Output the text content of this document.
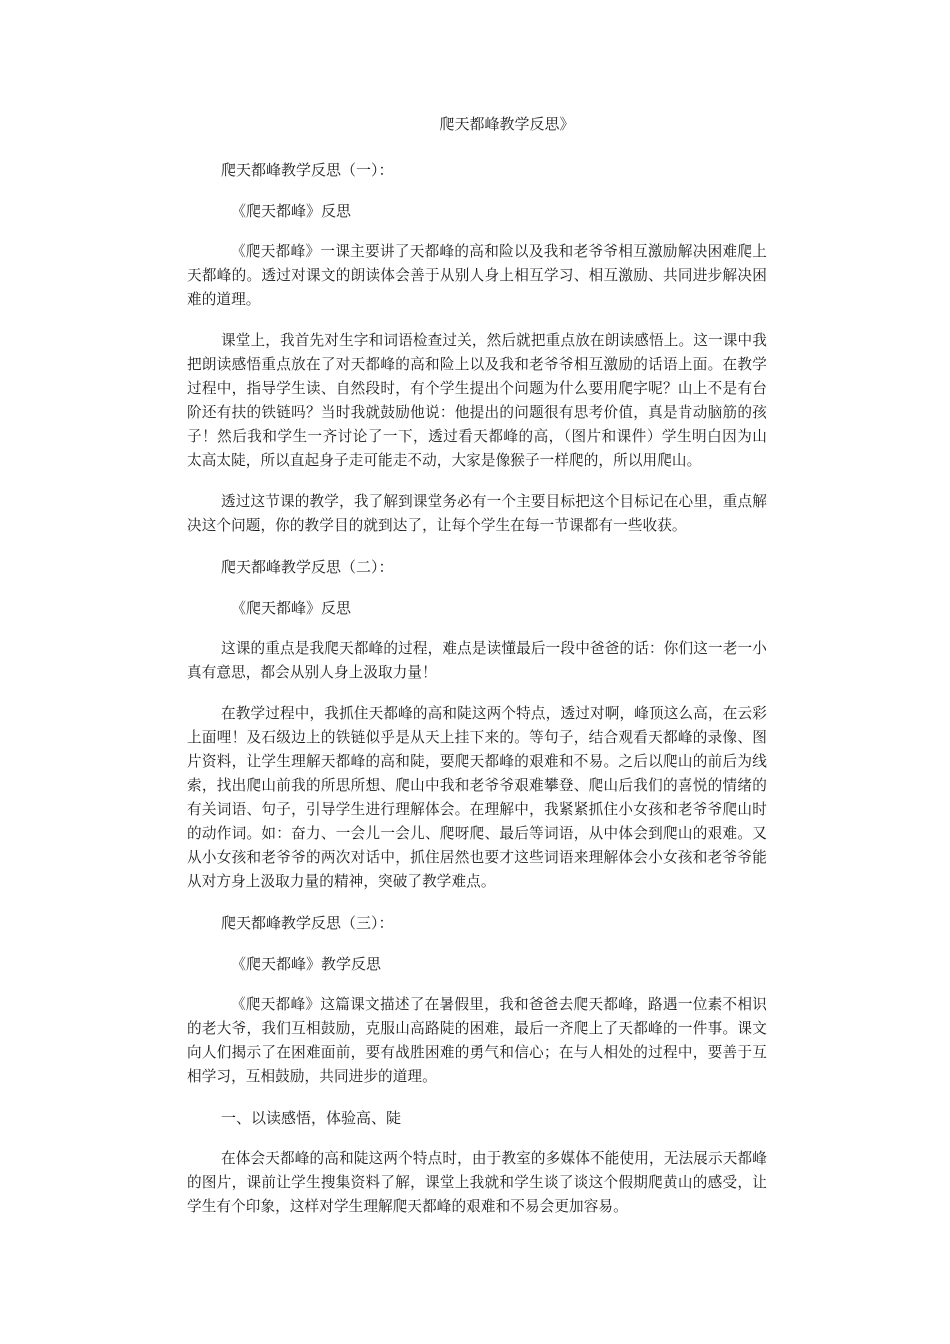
爬天都峰教学反思》
爬天都峰教学反思（一）：
《爬天都峰》反思

《爬天都峰》一课主要讲了天都峰的高和险以及我和老爷爷相互激励解决困难爬上天都峰的。透过对课文的朗读体会善于从别人身上相互学习、相互激励、共同进步解决困难的道理。

课堂上，我首先对生字和词语检查过关，然后就把重点放在朗读感悟上。这一课中我把朗读感悟重点放在了对天都峰的高和险上以及我和老爷爷相互激励的话语上面。在教学过程中，指导学生读、自然段时，有个学生提出个问题为什么要用爬字呢？山上不是有台阶还有扶的铁链吗？当时我就鼓励他说：他提出的问题很有思考价值，真是肯动脑筋的孩子！然后我和学生一齐讨论了一下，透过看天都峰的高，（图片和课件）学生明白因为山太高太陡，所以直起身子走可能走不动，大家是像猴子一样爬的，所以用爬山。

透过这节课的教学，我了解到课堂务必有一个主要目标把这个目标记在心里，重点解决这个问题，你的教学目的就到达了，让每个学生在每一节课都有一些收获。

爬天都峰教学反思（二）：
《爬天都峰》反思

这课的重点是我爬天都峰的过程，难点是读懂最后一段中爸爸的话：你们这一老一小真有意思，都会从别人身上汲取力量！

在教学过程中，我抓住天都峰的高和陡这两个特点，透过对啊，峰顶这么高，在云彩上面哩！及石级边上的铁链似乎是从天上挂下来的。等句子，结合观看天都峰的录像、图片资料，让学生理解天都峰的高和陡，要爬天都峰的艰难和不易。之后以爬山的前后为线索，找出爬山前我的所思所想、爬山中我和老爷爷艰难攀登、爬山后我们的喜悦的情绪的有关词语、句子，引导学生进行理解体会。在理解中，我紧紧抓住小女孩和老爷爷爬山时的动作词。如：奋力、一会儿一会儿、爬呀爬、最后等词语，从中体会到爬山的艰难。又从小女孩和老爷爷的两次对话中，抓住居然也要才这些词语来理解体会小女孩和老爷爷能从对方身上汲取力量的精神，突破了教学难点。

爬天都峰教学反思（三）：
《爬天都峰》教学反思

《爬天都峰》这篇课文描述了在暑假里，我和爸爸去爬天都峰，路遇一位素不相识的老大爷，我们互相鼓励，克服山高路陡的困难，最后一齐爬上了天都峰的一件事。课文向人们揭示了在困难面前，要有战胜困难的勇气和信心；在与人相处的过程中，要善于互相学习，互相鼓励，共同进步的道理。

一、以读感悟，体验高、陡

在体会天都峰的高和陡这两个特点时，由于教室的多媒体不能使用，无法展示天都峰的图片，课前让学生搜集资料了解，课堂上我就和学生谈了谈这个假期爬黄山的感受，让学生有个印象，这样对学生理解爬天都峰的艰难和不易会更加容易。
